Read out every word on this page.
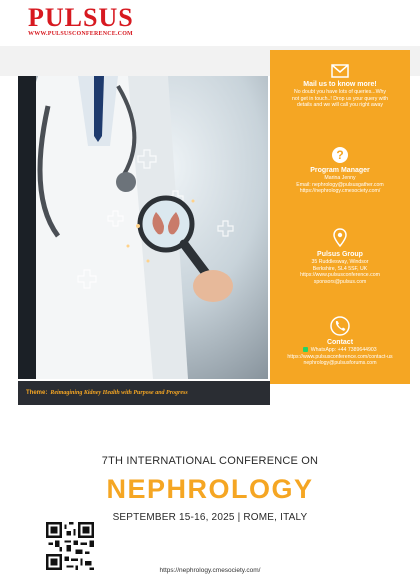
PULSUS
WWW.PULSUSCONFERENCE.COM
Theme: Reimagining Kidney Health with Purpose and Progress
Mail us to know more!

No doubt you have lots of queries...Why
not get in touch..! Drop us your query with
details and we will call you right away

?
Program Manager

Marina Jenny
Email: nephrology@pulsusgather.com
https://nephrology.cmesociety.com/

Pulsus Group

35 Ruddlesway, Windsor
Berkshire, SL4 5SF, UK
https://www.pulsusconference.com
sponsors@pulsus.com

Contact

WhatsApp: +44 7389644903
https://www.pulsusconference.com/contact-us
nephrology@pulsusforums.com

7TH INTERNATIONAL CONFERENCE ON
NEPHROLOGY
SEPTEMBER 15-16, 2025 | ROME, ITALY
https://nephrology.cmesociety.com/
